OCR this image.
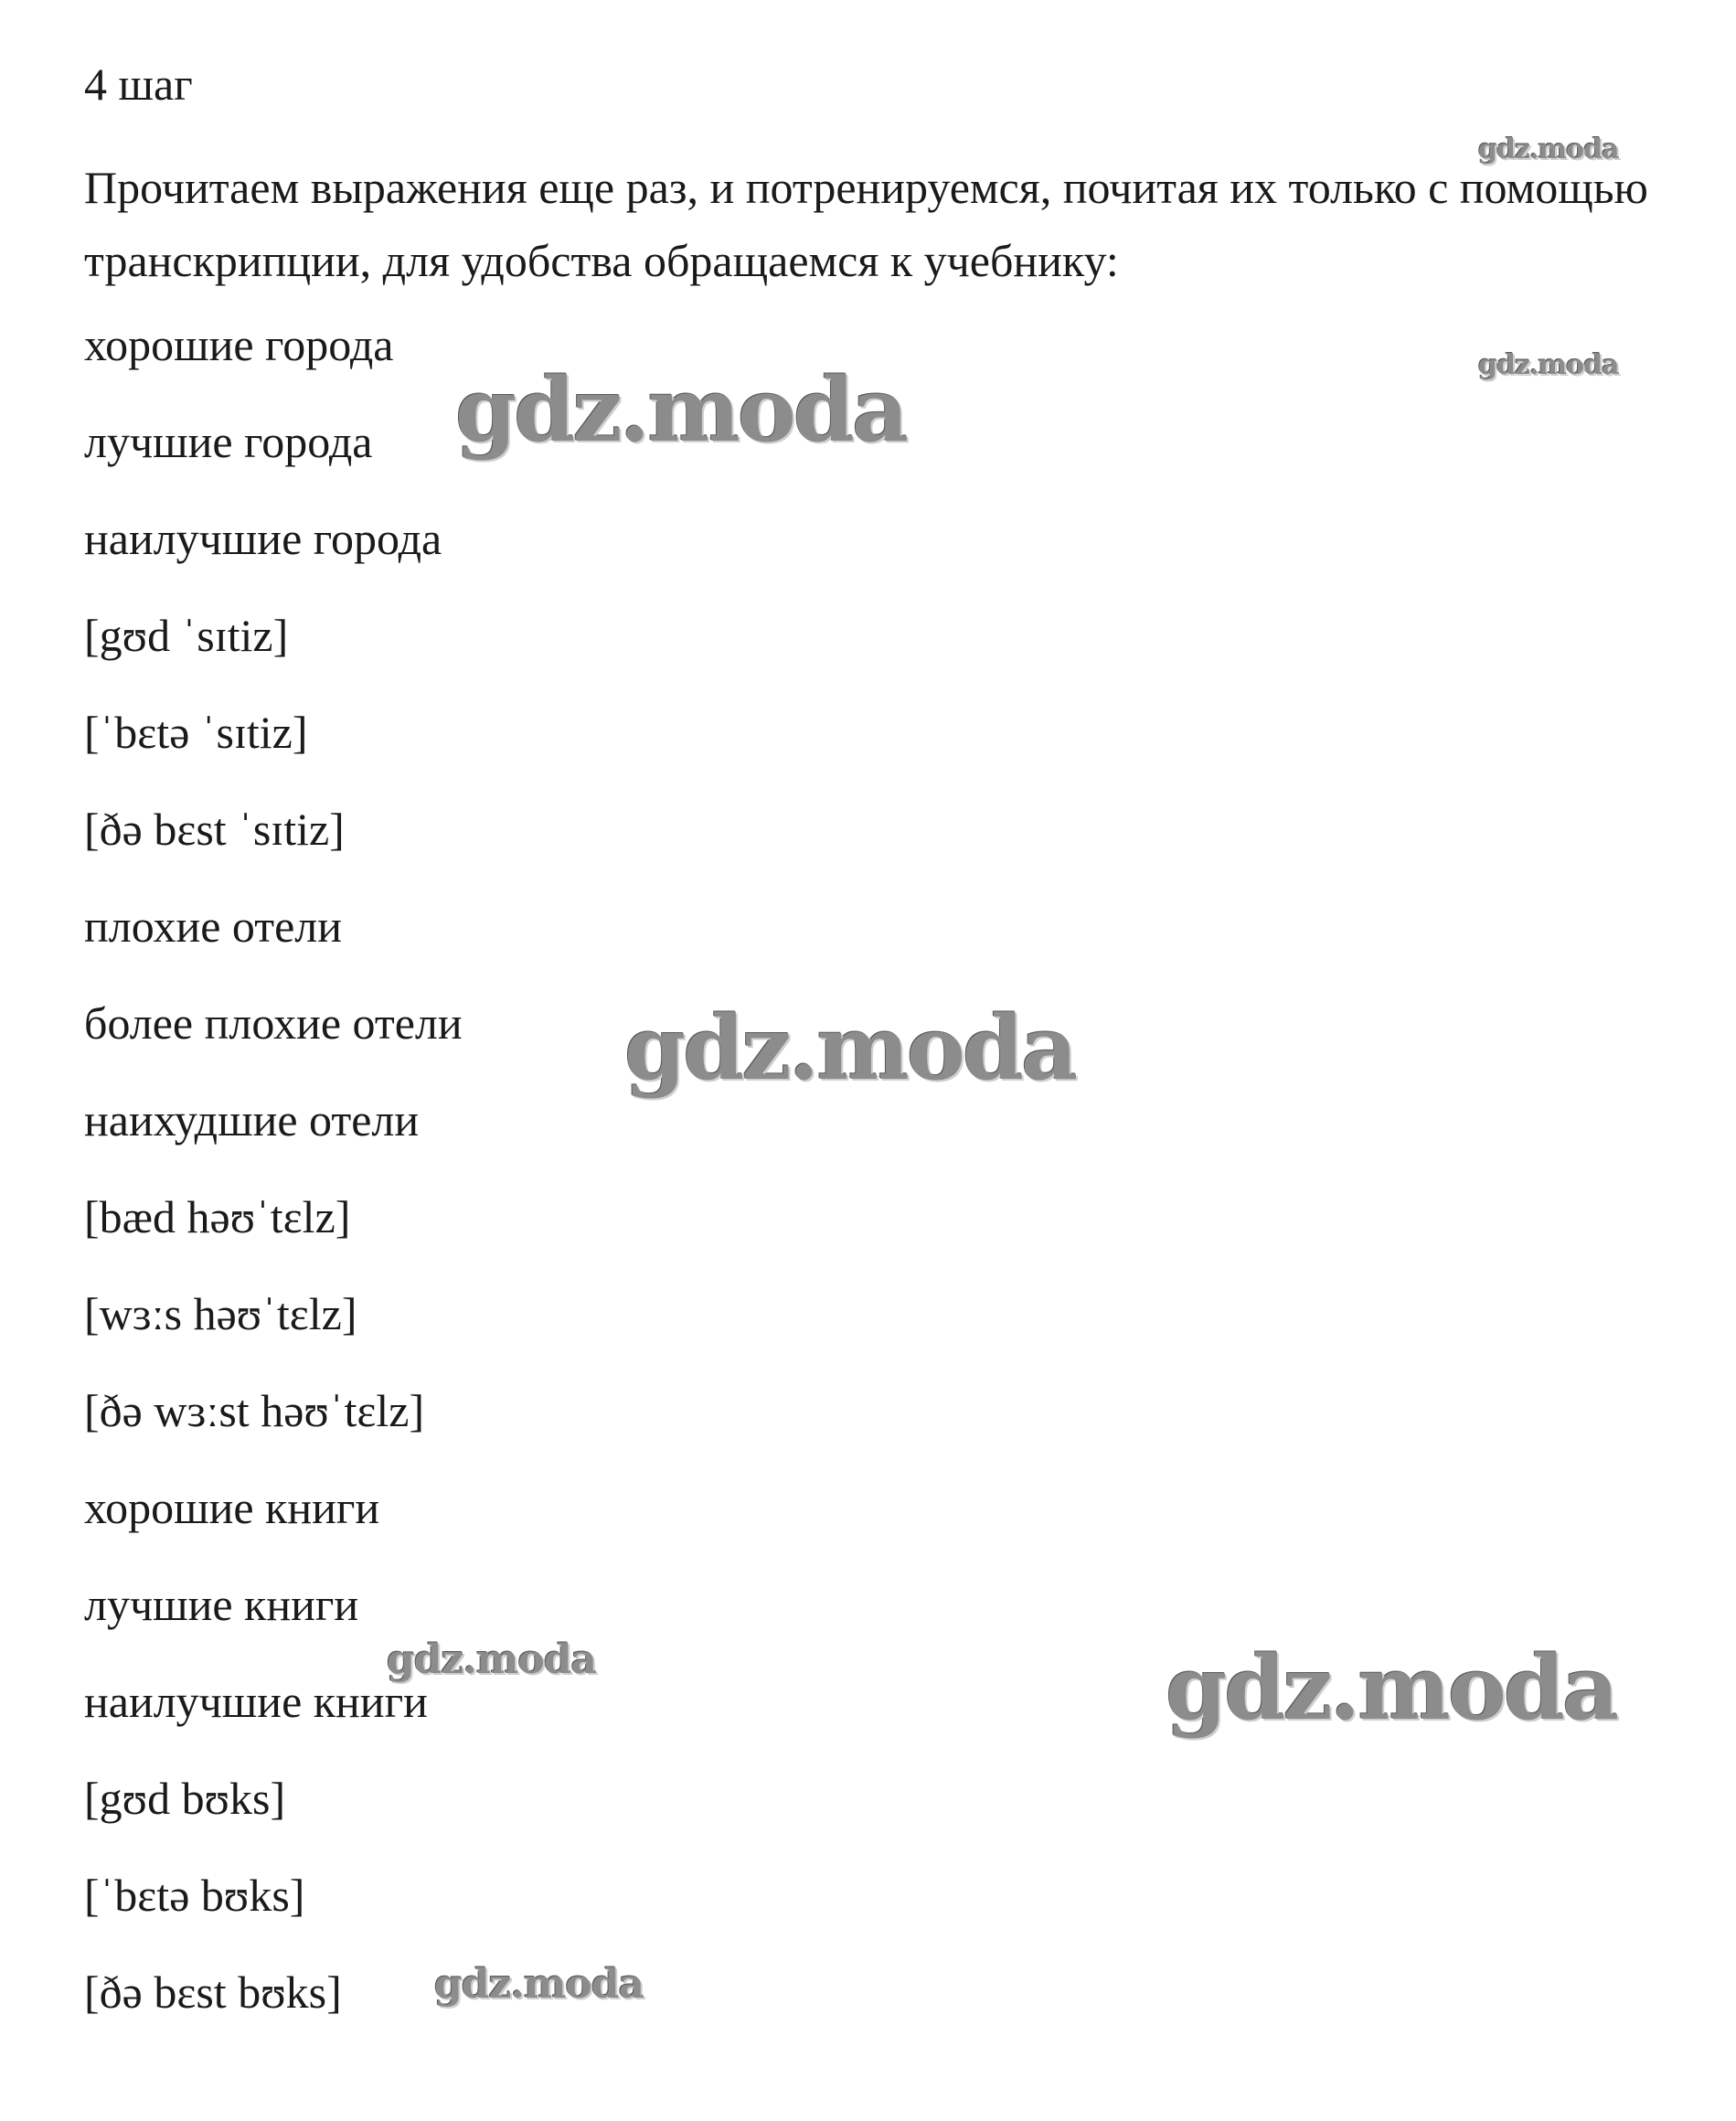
4 шаг

Прочитаем выражения еще раз, и потренируемся, почитая их только с помощью транскрипции, для удобства обращаемся к учебнику:

хорошие города
лучшие города
наилучшие города
[gʊd ˈsɪtiz]
[ˈbɛtə ˈsɪtiz]
[ðə bɛst ˈsɪtiz]
плохие отели
более плохие отели
наихудшие отели
[bæd həʊˈtɛlz]
[wɜːs həʊˈtɛlz]
[ðə wɜːst həʊˈtɛlz]
хорошие книги
лучшие книги
наилучшие книги
[gʊd bʊks]
[ˈbɛtə bʊks]
[ðə bɛst bʊks]
gdz.moda
gdz.moda
gdz.moda
gdz.moda
gdz.moda	gdz.moda
gdz.moda
